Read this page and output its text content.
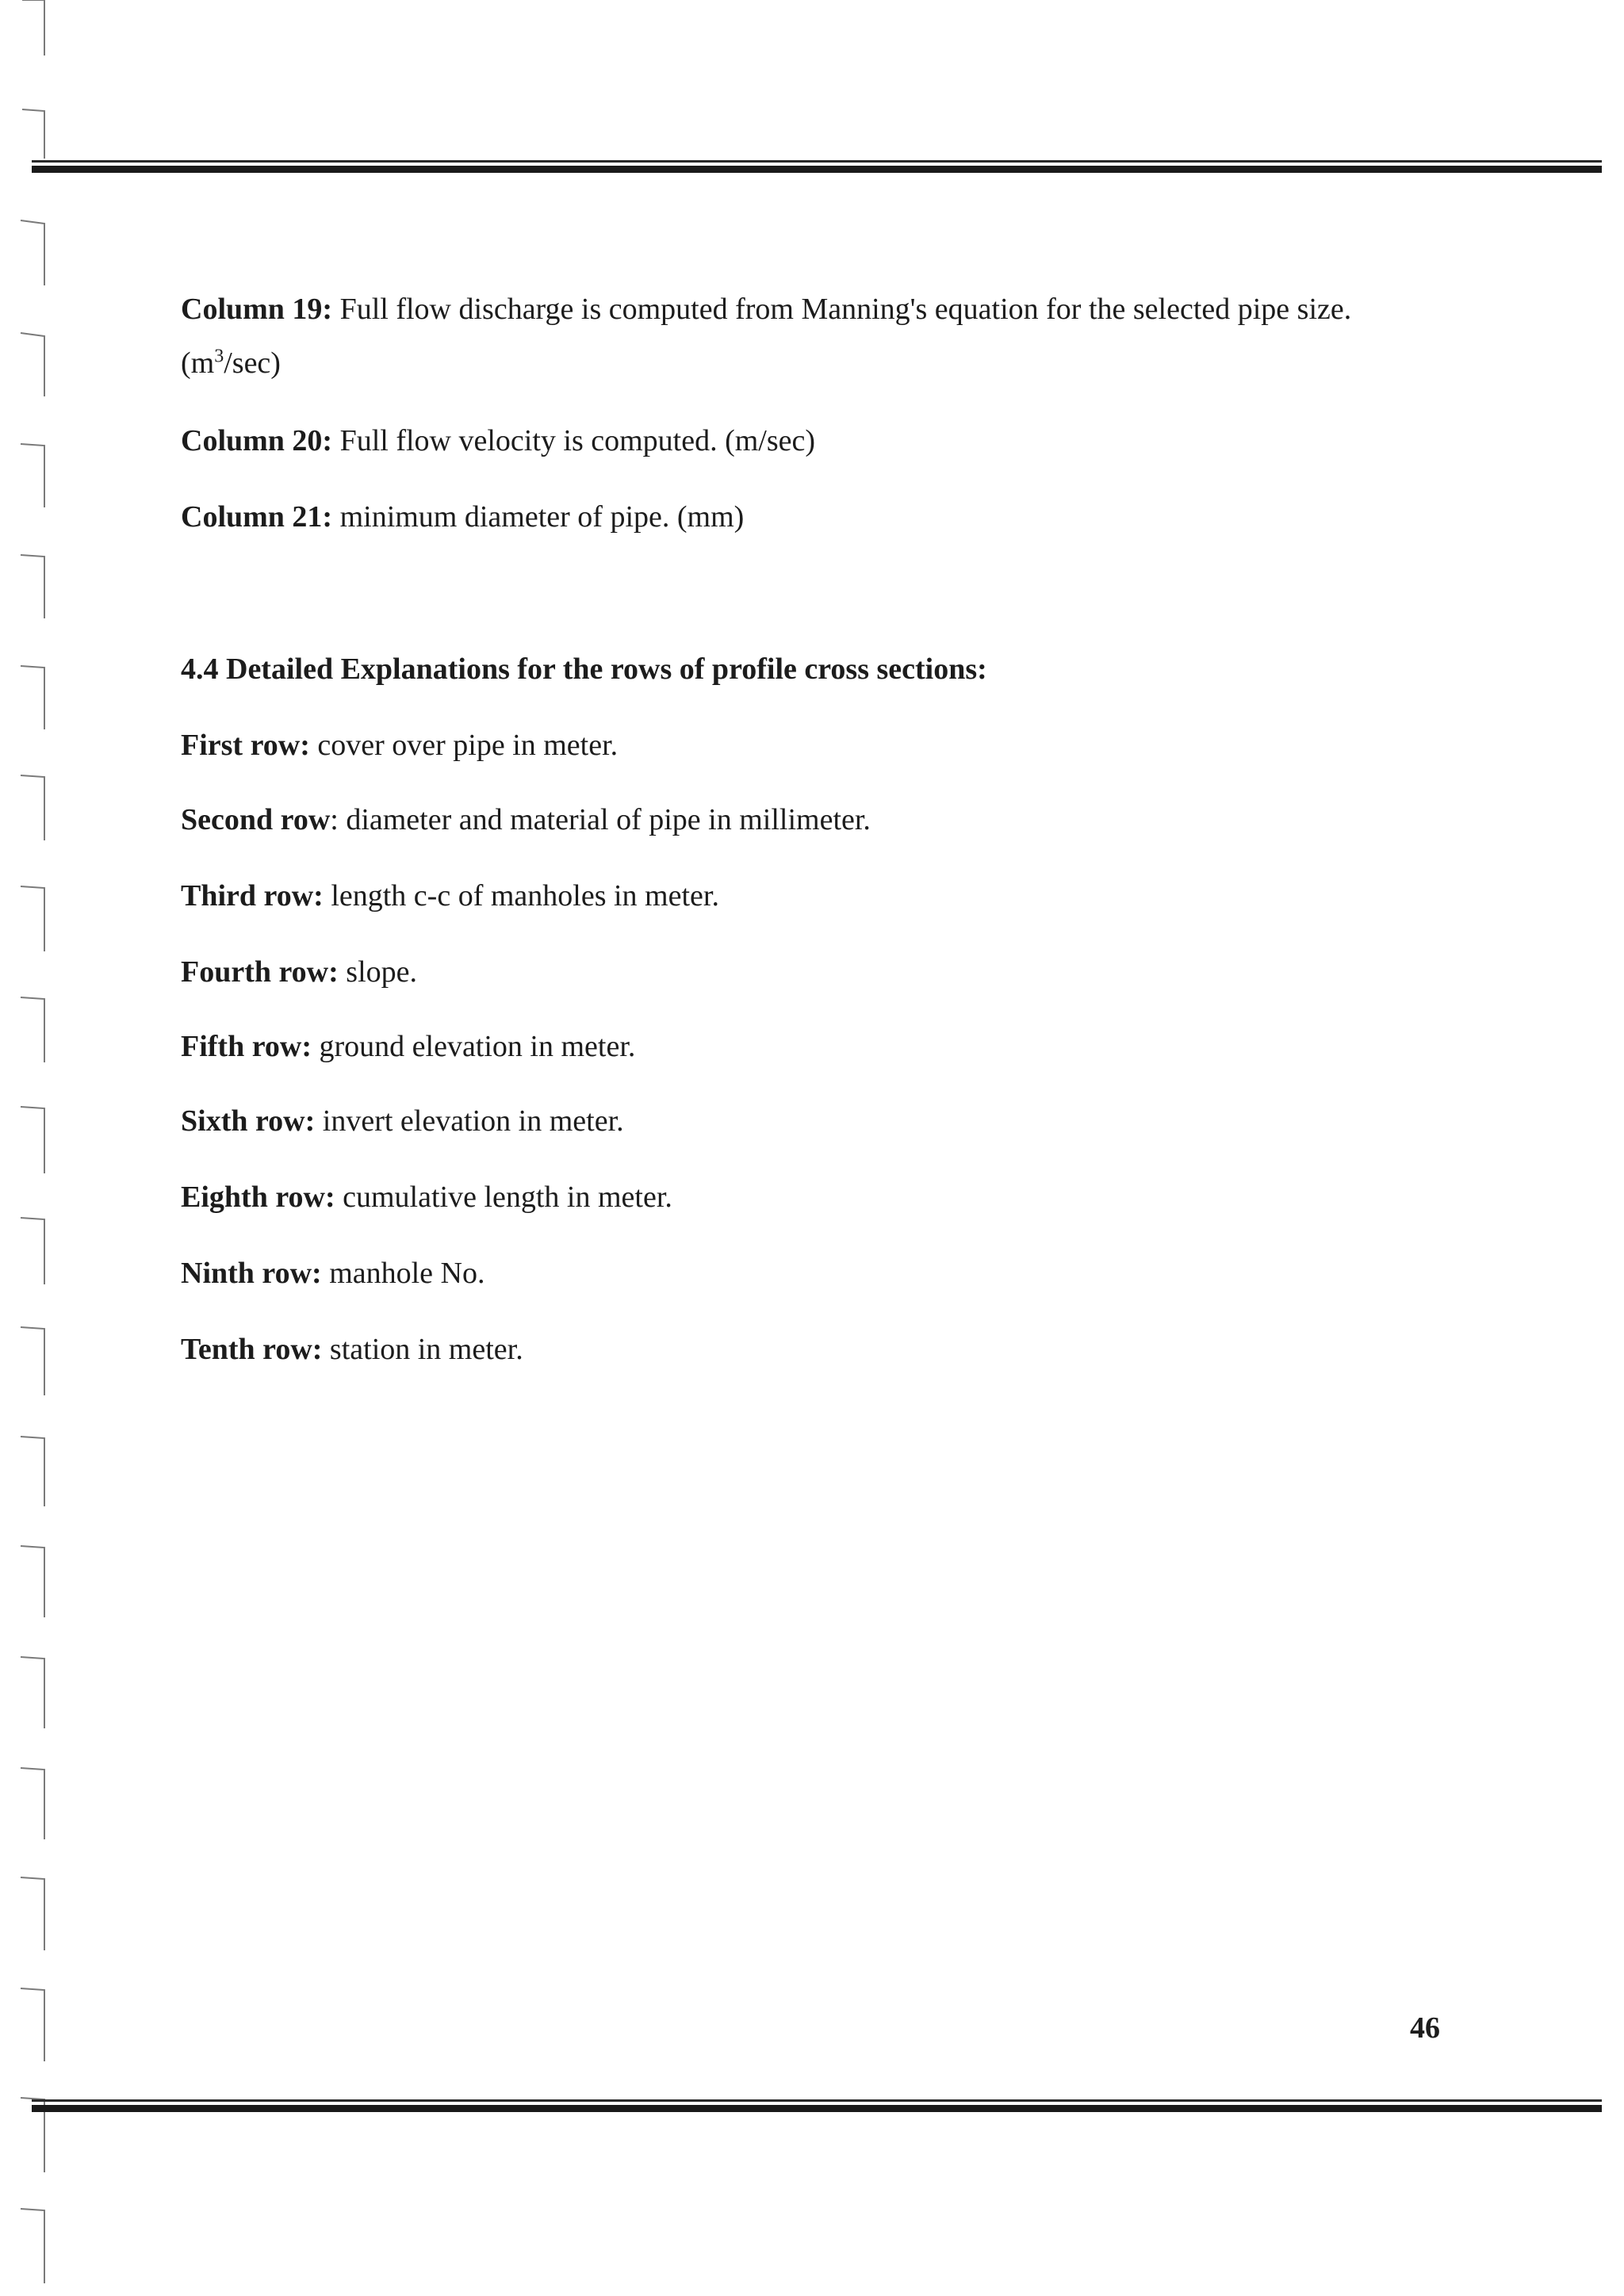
Column 19: Full flow discharge is computed from Manning's equation for the selected pipe size.
$(m^3/\sec)$
Column 20: Full flow velocity is computed. (m/sec)
Column 21: minimum diameter of pipe. (mm)
4.4 Detailed Explanations for the rows of profile cross sections:
First row: cover over pipe in meter.
Second row: diameter and material of pipe in millimeter.
Third row: length c-c of manholes in meter.
Fourth row: slope.
Fifth row: ground elevation in meter.
Sixth row: invert elevation in meter.
Eighth row: cumulative length in meter.
Ninth row: manhole No.
Tenth row: station in meter.
46
